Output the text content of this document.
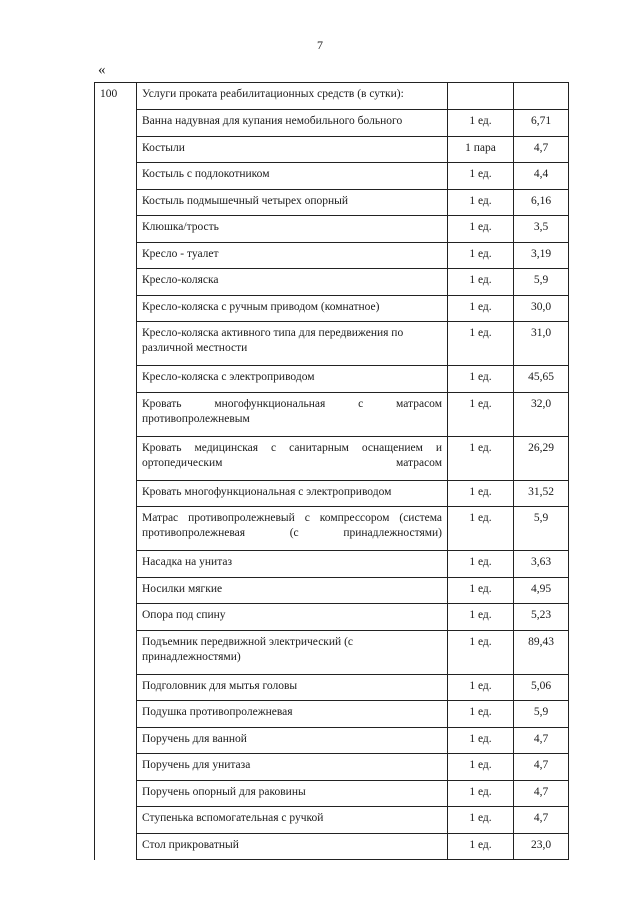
7
«
100	Услуги проката реабилитационных средств (в сутки):		
	Ванна надувная для купания немобильного больного	1 ед.	6,71
	Костыли	1 пара	4,7
	Костыль с подлокотником	1 ед.	4,4
	Костыль подмышечный четырех опорный	1 ед.	6,16
	Клюшка/трость	1 ед.	3,5
	Кресло - туалет	1 ед.	3,19
	Кресло-коляска	1 ед.	5,9
	Кресло-коляска с ручным приводом (комнатное)	1 ед.	30,0
	Кресло-коляска активного типа для передвижения по различной местности	1 ед.	31,0
	Кресло-коляска с электроприводом	1 ед.	45,65
	Кровать многофункциональная с матрасом противопролежневым	1 ед.	32,0
	Кровать медицинская с санитарным оснащением и ортопедическим матрасом	1 ед.	26,29
	Кровать многофункциональная с электроприводом	1 ед.	31,52
	Матрас противопролежневый с компрессором (система противопролежневая (с принадлежностями)	1 ед.	5,9
	Насадка на унитаз	1 ед.	3,63
	Носилки мягкие	1 ед.	4,95
	Опора под спину	1 ед.	5,23
	Подъемник передвижной электрический (с принадлежностями)	1 ед.	89,43
	Подголовник для мытья головы	1 ед.	5,06
	Подушка противопролежневая	1 ед.	5,9
	Поручень для ванной	1 ед.	4,7
	Поручень для унитаза	1 ед.	4,7
	Поручень опорный для раковины	1 ед.	4,7
	Ступенька вспомогательная с ручкой	1 ед.	4,7
	Стол прикроватный	1 ед.	23,0
